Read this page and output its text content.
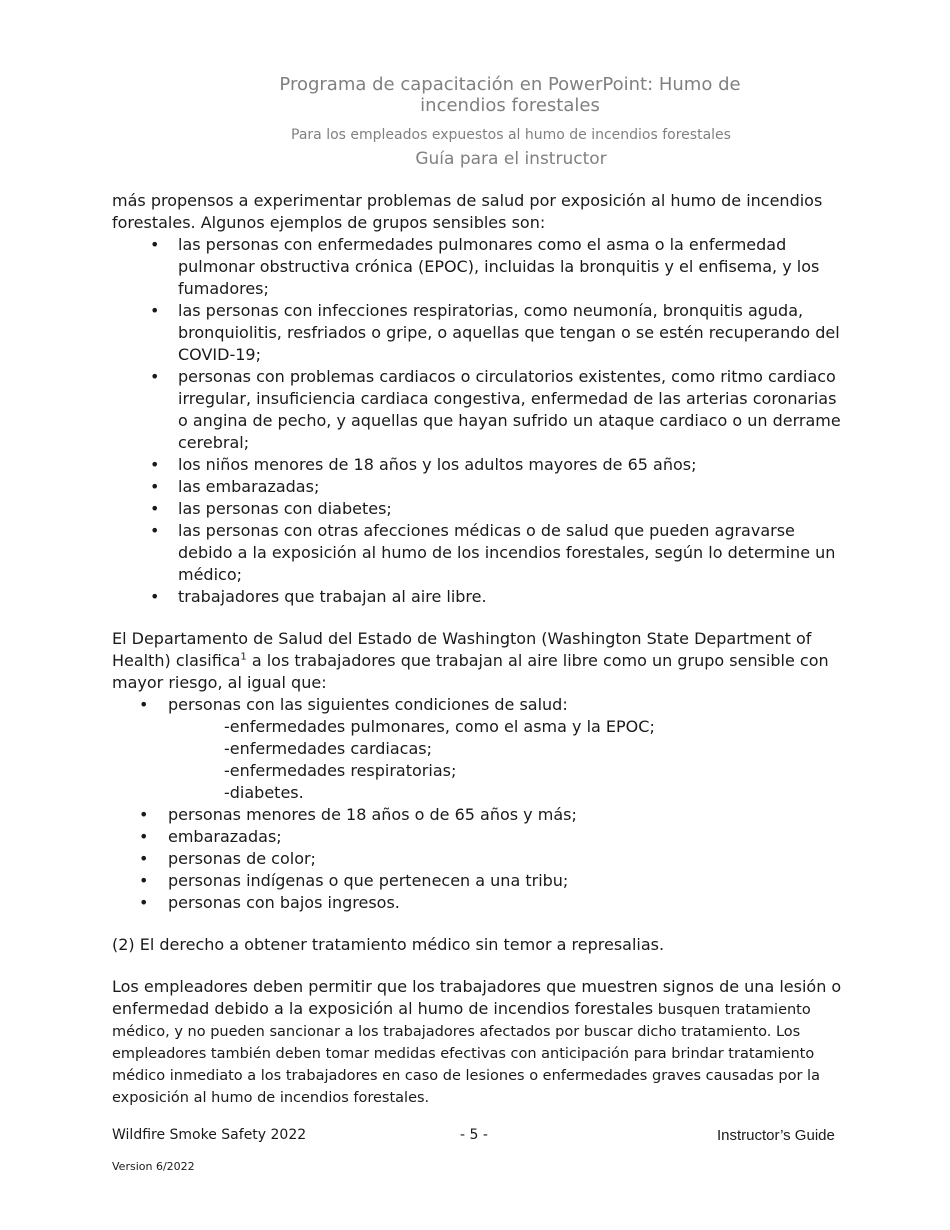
Programa de capacitación en PowerPoint: Humo de incendios forestales
Para los empleados expuestos al humo de incendios forestales
Guía para el instructor

más propensos a experimentar problemas de salud por exposición al humo de incendios forestales. Algunos ejemplos de grupos sensibles son:

• las personas con enfermedades pulmonares como el asma o la enfermedad pulmonar obstructiva crónica (EPOC), incluidas la bronquitis y el enfisema, y los fumadores;
• las personas con infecciones respiratorias, como neumonía, bronquitis aguda, bronquiolitis, resfriados o gripe, o aquellas que tengan o se estén recuperando del COVID-19;
• personas con problemas cardiacos o circulatorios existentes, como ritmo cardiaco irregular, insuficiencia cardiaca congestiva, enfermedad de las arterias coronarias o angina de pecho, y aquellas que hayan sufrido un ataque cardiaco o un derrame cerebral;
• los niños menores de 18 años y los adultos mayores de 65 años;
• las embarazadas;
• las personas con diabetes;
• las personas con otras afecciones médicas o de salud que pueden agravarse debido a la exposición al humo de los incendios forestales, según lo determine un médico;
• trabajadores que trabajan al aire libre.

El Departamento de Salud del Estado de Washington (Washington State Department of Health) clasifica$^1$ a los trabajadores que trabajan al aire libre como un grupo sensible con mayor riesgo, al igual que:

• personas con las siguientes condiciones de salud:
-enfermedades pulmonares, como el asma y la EPOC;
-enfermedades cardiacas;
-enfermedades respiratorias;
-diabetes.
• personas menores de 18 años o de 65 años y más;
• embarazadas;
• personas de color;
• personas indígenas o que pertenecen a una tribu;
• personas con bajos ingresos.

(2) El derecho a obtener tratamiento médico sin temor a represalias.

Los empleadores deben permitir que los trabajadores que muestren signos de una lesión o enfermedad debido a la exposición al humo de incendios forestales busquen tratamiento médico, y no pueden sancionar a los trabajadores afectados por buscar dicho tratamiento. Los empleadores también deben tomar medidas efectivas con anticipación para brindar tratamiento médico inmediato a los trabajadores en caso de lesiones o enfermedades graves causadas por la exposición al humo de incendios forestales.

Wildfire Smoke Safety 2022	- 5 -	Instructor’s Guide
Version 6/2022
